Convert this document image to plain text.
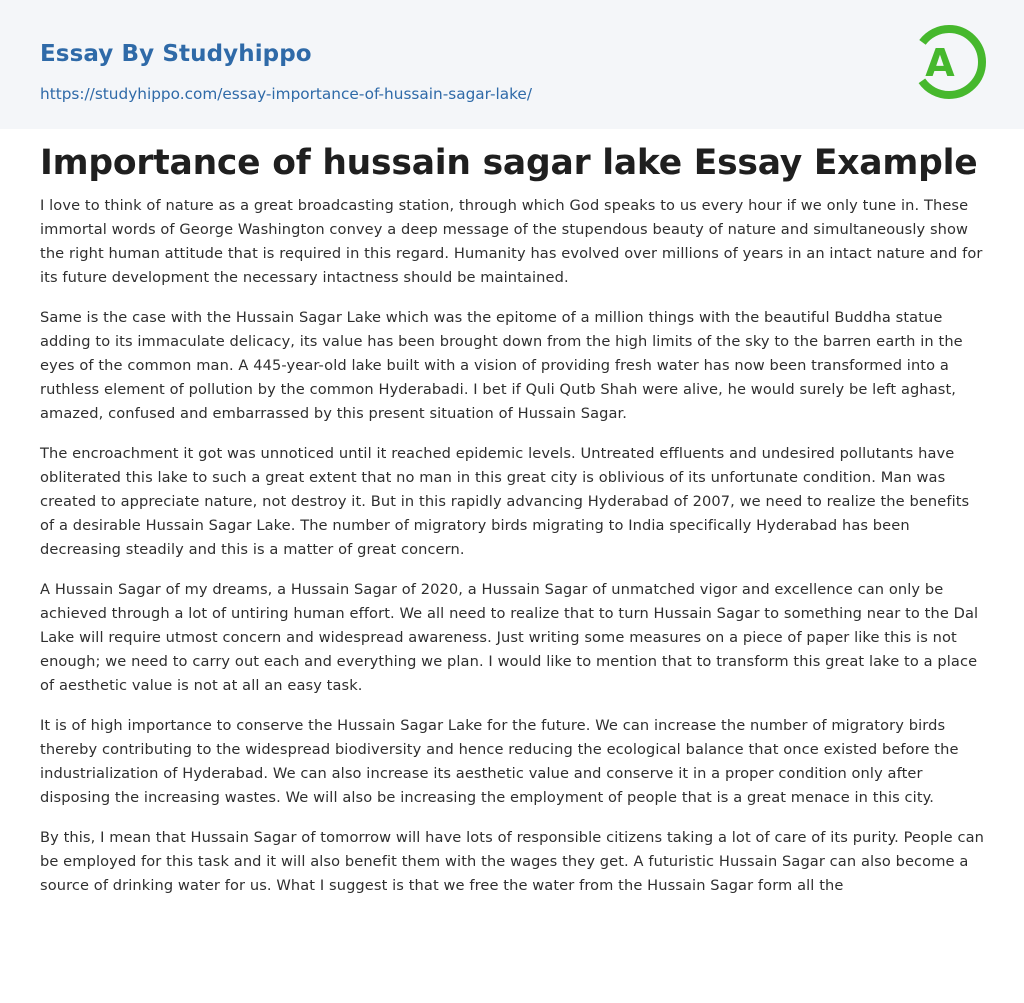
Essay By Studyhippo
https://studyhippo.com/essay-importance-of-hussain-sagar-lake/
A
Importance of hussain sagar lake Essay Example

I love to think of nature as a great broadcasting station, through which God speaks to us every hour if we only tune in. These immortal words of George Washington convey a deep message of the stupendous beauty of nature and simultaneously show the right human attitude that is required in this regard. Humanity has evolved over millions of years in an intact nature and for its future development the necessary intactness should be maintained.

Same is the case with the Hussain Sagar Lake which was the epitome of a million things with the beautiful Buddha statue adding to its immaculate delicacy, its value has been brought down from the high limits of the sky to the barren earth in the eyes of the common man. A 445-year-old lake built with a vision of providing fresh water has now been transformed into a ruthless element of pollution by the common Hyderabadi. I bet if Quli Qutb Shah were alive, he would surely be left aghast, amazed, confused and embarrassed by this present situation of Hussain Sagar.

The encroachment it got was unnoticed until it reached epidemic levels. Untreated effluents and undesired pollutants have obliterated this lake to such a great extent that no man in this great city is oblivious of its unfortunate condition. Man was created to appreciate nature, not destroy it. But in this rapidly advancing Hyderabad of 2007, we need to realize the benefits of a desirable Hussain Sagar Lake. The number of migratory birds migrating to India specifically Hyderabad has been decreasing steadily and this is a matter of great concern.

A Hussain Sagar of my dreams, a Hussain Sagar of 2020, a Hussain Sagar of unmatched vigor and excellence can only be achieved through a lot of untiring human effort. We all need to realize that to turn Hussain Sagar to something near to the Dal Lake will require utmost concern and widespread awareness. Just writing some measures on a piece of paper like this is not enough; we need to carry out each and everything we plan. I would like to mention that to transform this great lake to a place of aesthetic value is not at all an easy task.

It is of high importance to conserve the Hussain Sagar Lake for the future. We can increase the number of migratory birds thereby contributing to the widespread biodiversity and hence reducing the ecological balance that once existed before the industrialization of Hyderabad. We can also increase its aesthetic value and conserve it in a proper condition only after disposing the increasing wastes. We will also be increasing the employment of people that is a great menace in this city.

By this, I mean that Hussain Sagar of tomorrow will have lots of responsible citizens taking a lot of care of its purity. People can be employed for this task and it will also benefit them with the wages they get. A futuristic Hussain Sagar can also become a source of drinking water for us. What I suggest is that we free the water from the Hussain Sagar form all the
